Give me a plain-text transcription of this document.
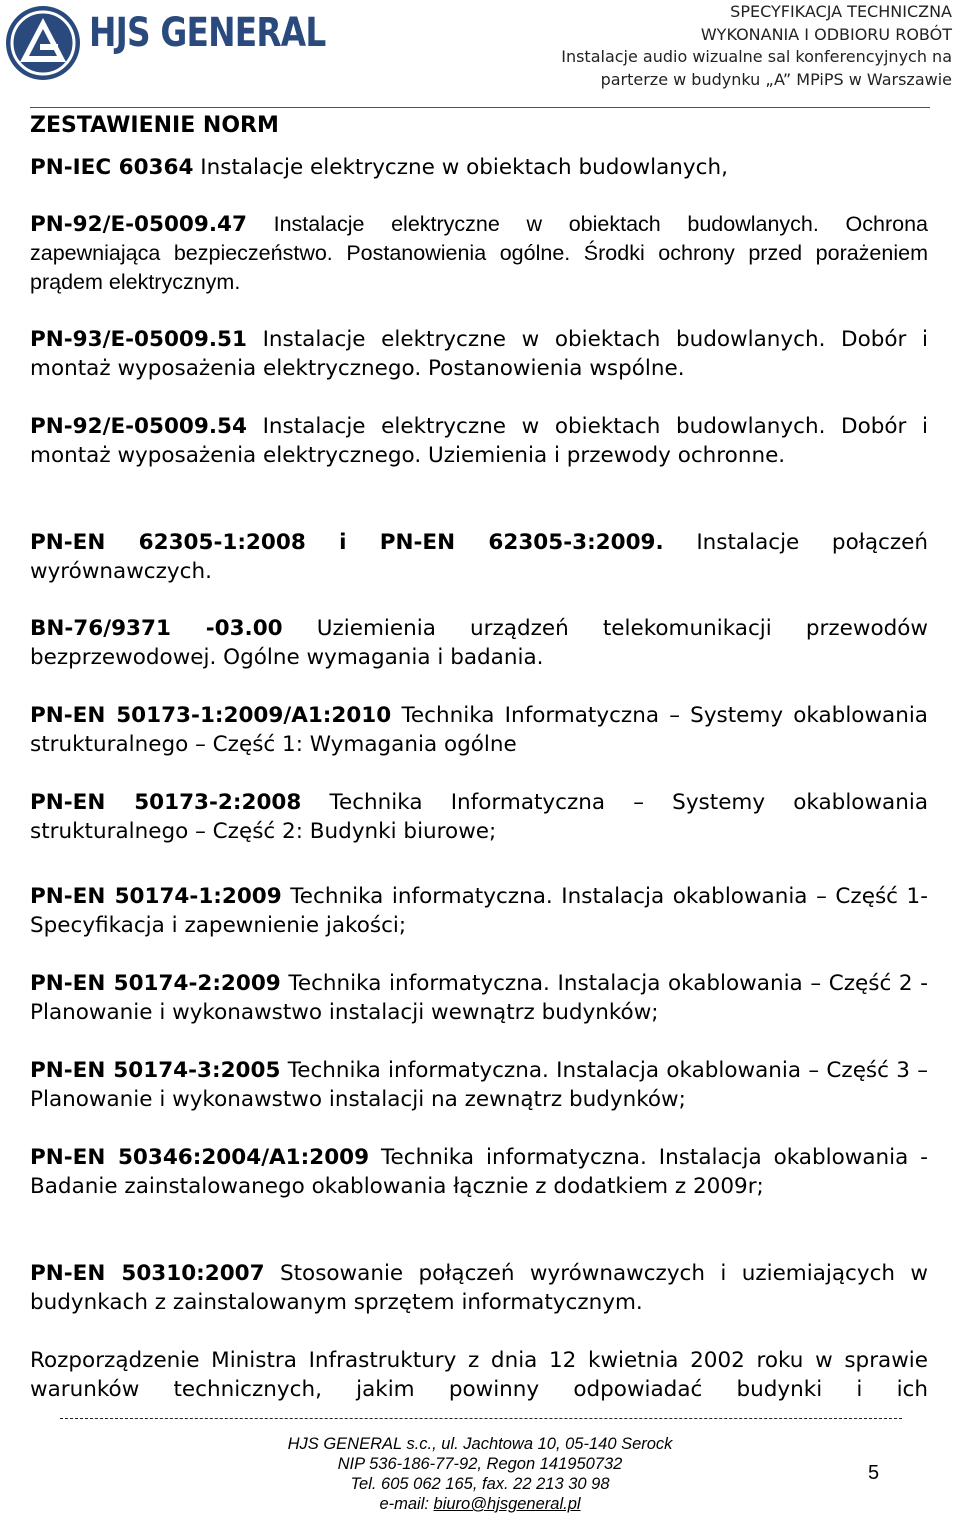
HJS GENERAL	SPECYFIKACJA TECHNICZNA
WYKONANIA I ODBIORU ROBÓT
Instalacje audio wizualne sal konferencyjnych na
parterze w budynku „A” MPiPS w Warszawie
ZESTAWIENIE NORM

PN-IEC 60364 Instalacje elektryczne w obiektach budowlanych,

PN-92/E-05009.47 Instalacje elektryczne w obiektach budowlanych. Ochrona zapewniająca bezpieczeństwo. Postanowienia ogólne. Środki ochrony przed porażeniem prądem elektrycznym.

PN-93/E-05009.51 Instalacje elektryczne w obiektach budowlanych. Dobór i montaż wyposażenia elektrycznego. Postanowienia wspólne.

PN-92/E-05009.54 Instalacje elektryczne w obiektach budowlanych. Dobór i montaż wyposażenia elektrycznego. Uziemienia i przewody ochronne.

PN-EN 62305-1:2008 i PN-EN 62305-3:2009. Instalacje połączeń wyrównawczych.

BN-76/9371 -03.00 Uziemienia urządzeń telekomunikacji przewodów bezprzewodowej. Ogólne wymagania i badania.

PN-EN 50173-1:2009/A1:2010 Technika Informatyczna – Systemy okablowania strukturalnego – Część 1: Wymagania ogólne

PN-EN 50173-2:2008 Technika Informatyczna – Systemy okablowania strukturalnego – Część 2: Budynki biurowe;

PN-EN 50174-1:2009 Technika informatyczna. Instalacja okablowania – Część 1- Specyfikacja i zapewnienie jakości;

PN-EN 50174-2:2009 Technika informatyczna. Instalacja okablowania – Część 2 - Planowanie i wykonawstwo instalacji wewnątrz budynków;

PN-EN 50174-3:2005 Technika informatyczna. Instalacja okablowania – Część 3 – Planowanie i wykonawstwo instalacji na zewnątrz budynków;

PN-EN 50346:2004/A1:2009 Technika informatyczna. Instalacja okablowania - Badanie zainstalowanego okablowania łącznie z dodatkiem z 2009r;

PN-EN 50310:2007 Stosowanie połączeń wyrównawczych i uziemiających w budynkach z zainstalowanym sprzętem informatycznym.

Rozporządzenie Ministra Infrastruktury z dnia 12 kwietnia 2002 roku w sprawie warunków technicznych, jakim powinny odpowiadać budynki i ich

HJS GENERAL s.c., ul. Jachtowa 10, 05-140 Serock
NIP 536-186-77-92, Regon 141950732
Tel. 605 062 165, fax. 22 213 30 98
e-mail: biuro@hjsgeneral.pl
5
